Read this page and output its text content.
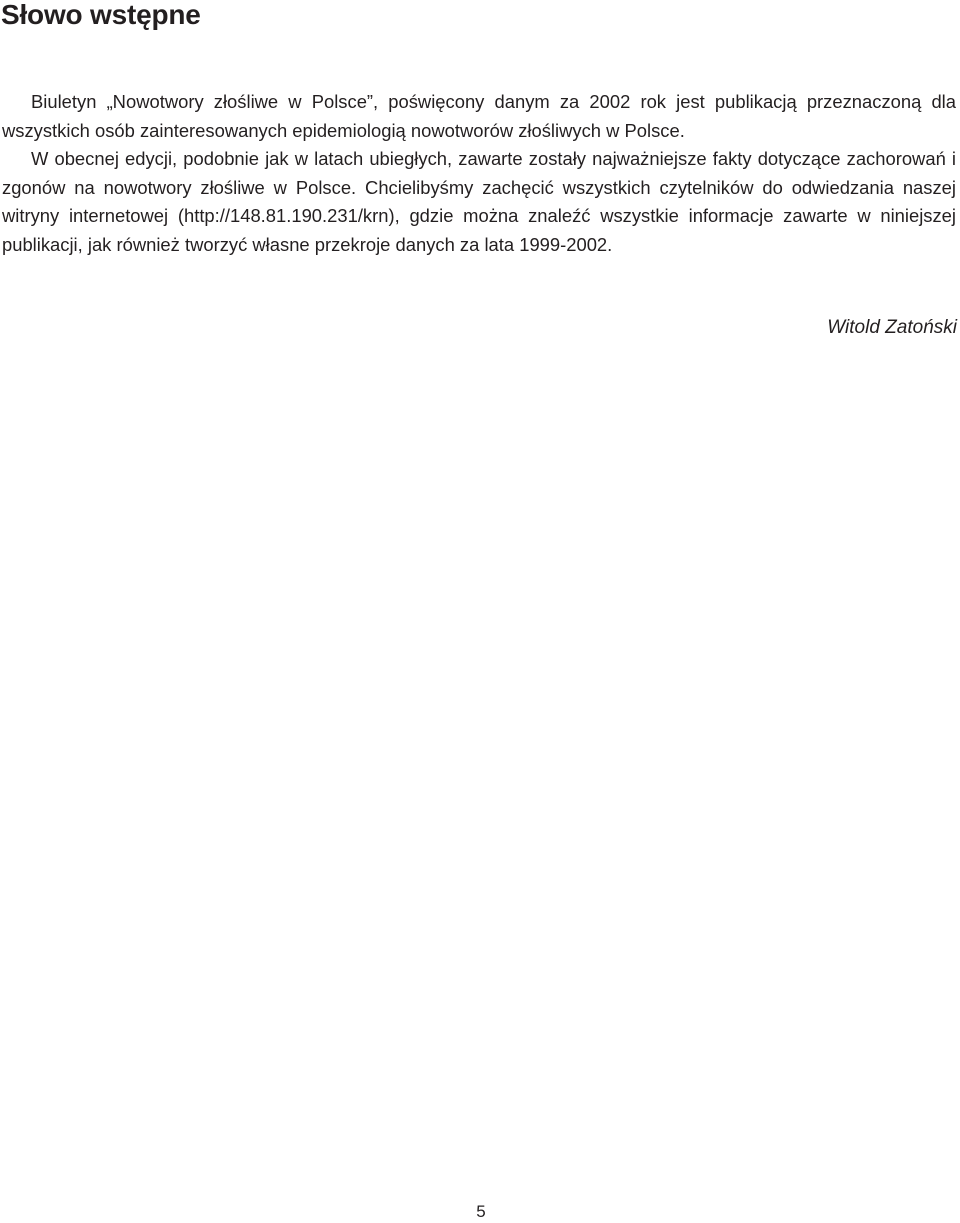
Słowo wstępne

Biuletyn „Nowotwory złośliwe w Polsce”, poświęcony danym za 2002 rok jest publikacją przeznaczoną dla wszystkich osób zainteresowanych epidemiologią nowotworów złośliwych w Polsce.

W obecnej edycji, podobnie jak w latach ubiegłych, zawarte zostały najważniejsze fakty dotyczące zachorowań i zgonów na nowotwory złośliwe w Polsce. Chcielibyśmy zachęcić wszystkich czytelników do odwiedzania naszej witryny internetowej (http://148.81.190.231/krn), gdzie można znaleźć wszystkie informacje zawarte w niniejszej publikacji, jak również tworzyć własne przekroje danych za lata 1999-2002.

Witold Zatoński
5
